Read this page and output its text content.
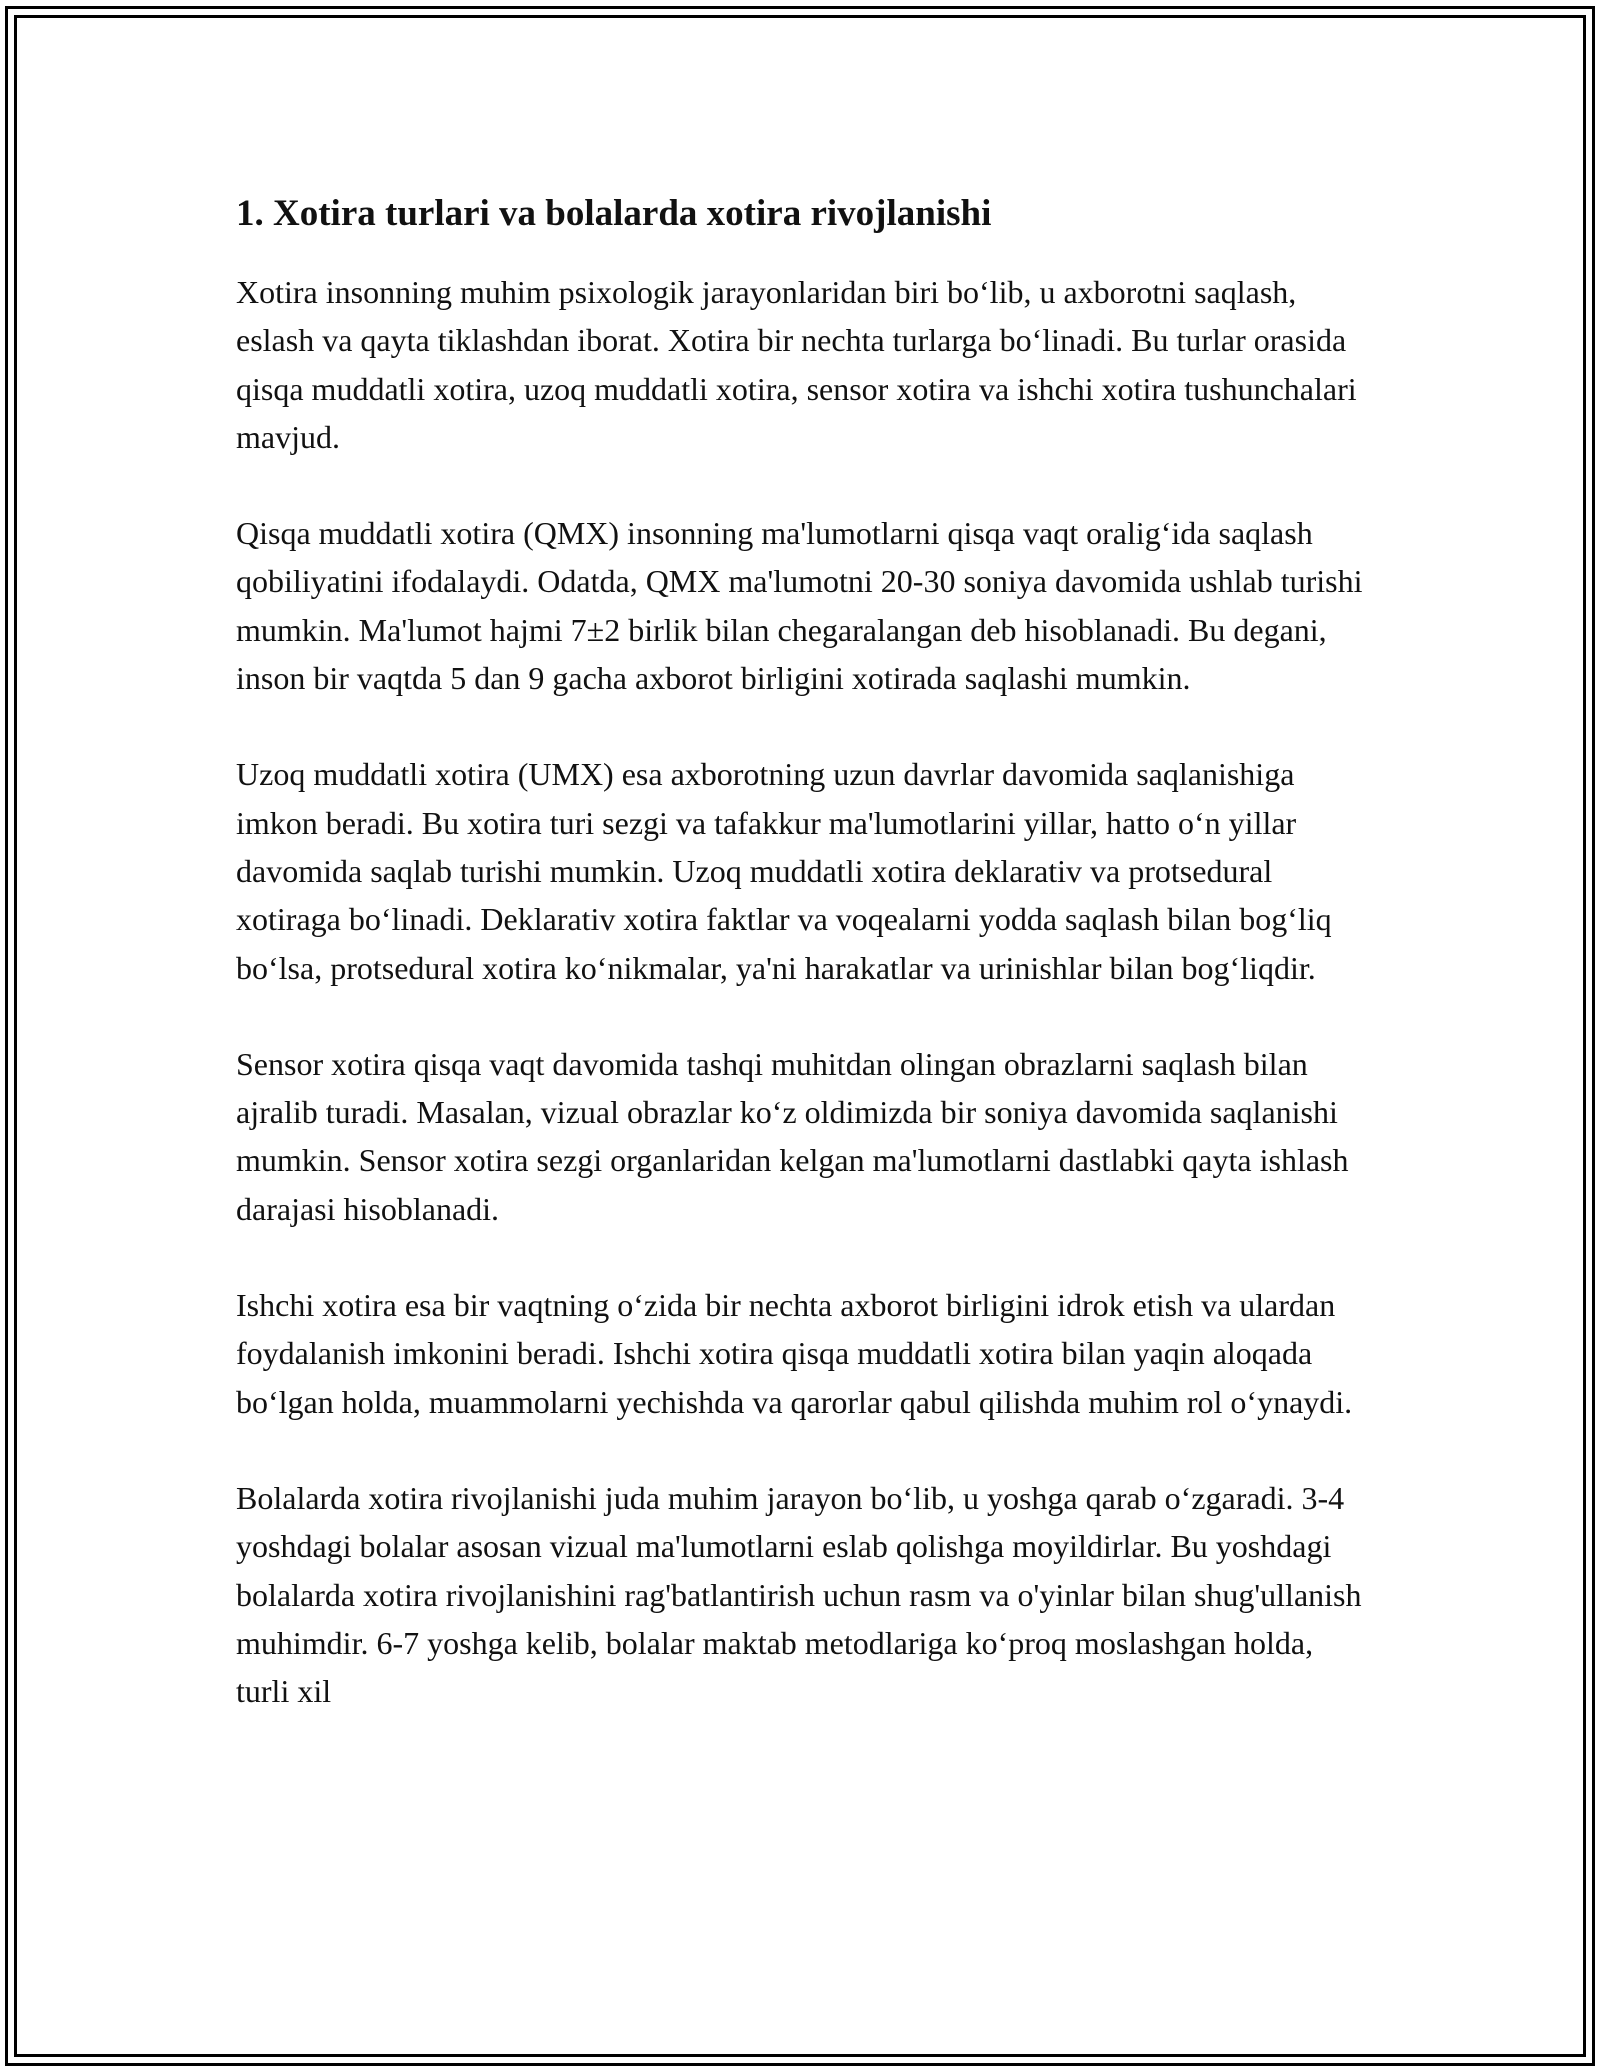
1. Xotira turlari va bolalarda xotira rivojlanishi

Xotira insonning muhim psixologik jarayonlaridan biri bo‘lib, u axborotni saqlash, eslash va qayta tiklashdan iborat. Xotira bir nechta turlarga bo‘linadi. Bu turlar orasida qisqa muddatli xotira, uzoq muddatli xotira, sensor xotira va ishchi xotira tushunchalari mavjud.

Qisqa muddatli xotira (QMX) insonning ma'lumotlarni qisqa vaqt oralig‘ida saqlash qobiliyatini ifodalaydi. Odatda, QMX ma'lumotni 20-30 soniya davomida ushlab turishi mumkin. Ma'lumot hajmi 7±2 birlik bilan chegaralangan deb hisoblanadi. Bu degani, inson bir vaqtda 5 dan 9 gacha axborot birligini xotirada saqlashi mumkin.

Uzoq muddatli xotira (UMX) esa axborotning uzun davrlar davomida saqlanishiga imkon beradi. Bu xotira turi sezgi va tafakkur ma'lumotlarini yillar, hatto o‘n yillar davomida saqlab turishi mumkin. Uzoq muddatli xotira deklarativ va protsedural xotiraga bo‘linadi. Deklarativ xotira faktlar va voqealarni yodda saqlash bilan bog‘liq bo‘lsa, protsedural xotira ko‘nikmalar, ya'ni harakatlar va urinishlar bilan bog‘liqdir.

Sensor xotira qisqa vaqt davomida tashqi muhitdan olingan obrazlarni saqlash bilan ajralib turadi. Masalan, vizual obrazlar ko‘z oldimizda bir soniya davomida saqlanishi mumkin. Sensor xotira sezgi organlaridan kelgan ma'lumotlarni dastlabki qayta ishlash darajasi hisoblanadi.

Ishchi xotira esa bir vaqtning o‘zida bir nechta axborot birligini idrok etish va ulardan foydalanish imkonini beradi. Ishchi xotira qisqa muddatli xotira bilan yaqin aloqada bo‘lgan holda, muammolarni yechishda va qarorlar qabul qilishda muhim rol o‘ynaydi.

Bolalarda xotira rivojlanishi juda muhim jarayon bo‘lib, u yoshga qarab o‘zgaradi. 3-4 yoshdagi bolalar asosan vizual ma'lumotlarni eslab qolishga moyildirlar. Bu yoshdagi bolalarda xotira rivojlanishini rag'batlantirish uchun rasm va o'yinlar bilan shug'ullanish muhimdir. 6-7 yoshga kelib, bolalar maktab metodlariga ko‘proq moslashgan holda, turli xil
